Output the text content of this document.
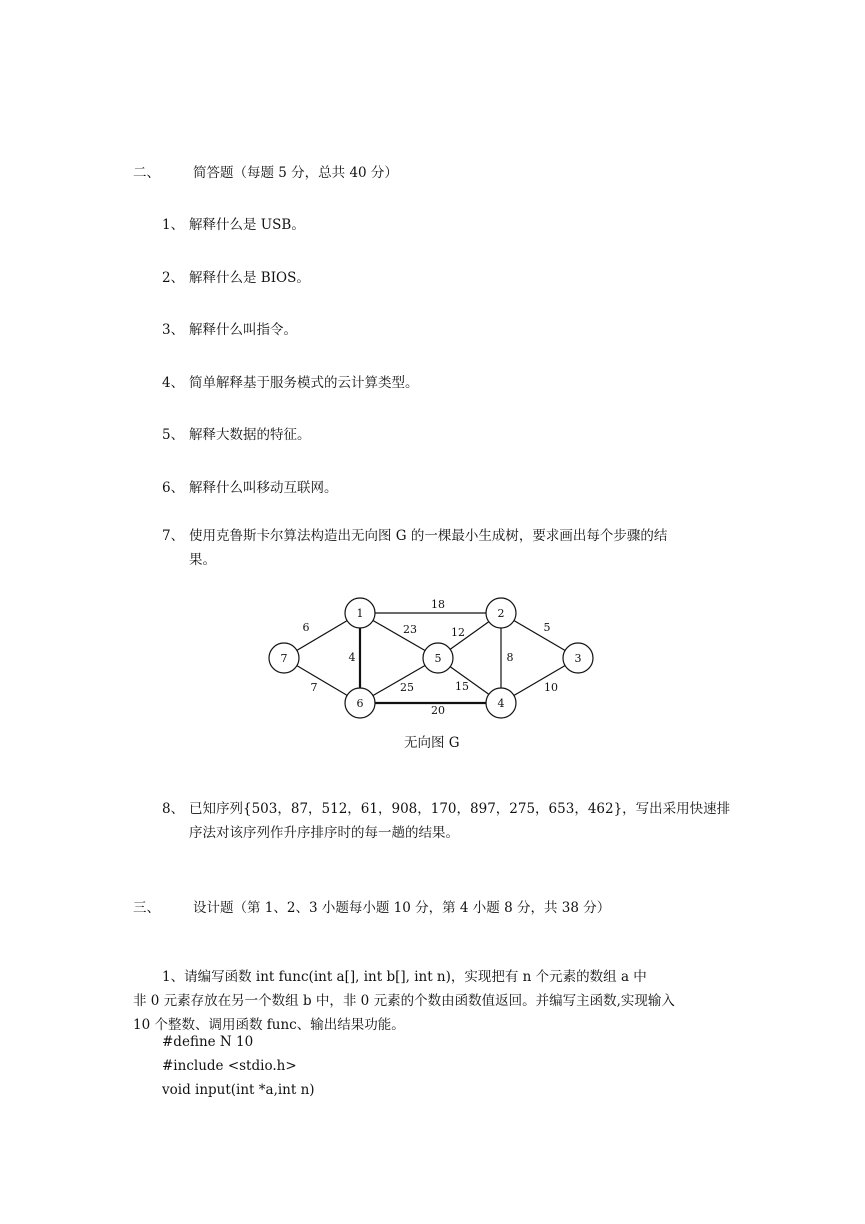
二、 简答题（每题 5 分，总共 40 分）
1、 解释什么是 USB。
2、 解释什么是 BIOS。
3、 解释什么叫指令。
4、 简单解释基于服务模式的云计算类型。
5、 解释大数据的特征。
6、 解释什么叫移动互联网。
7、 使用克鲁斯卡尔算法构造出无向图 G 的一棵最小生成树，要求画出每个步骤的结
果。
1	2
3
4
5
6
7
18
23
4
6	12	5
8
25	15
7
20
10
无向图 G
8、 已知序列{503，87，512，61，908，170，897，275，653，462}，写出采用快速排
序法对该序列作升序排序时的每一趟的结果。
三、 设计题（第 1、2、3 小题每小题 10 分，第 4 小题 8 分，共 38 分）
1、请编写函数 int func(int a[], int b[], int n)，实现把有 n 个元素的数组 a 中
非 0 元素存放在另一个数组 b 中，非 0 元素的个数由函数值返回。并编写主函数,实现输入
10 个整数、调用函数 func、输出结果功能。
#define N 10
#include <stdio.h>
void input(int *a,int n)
